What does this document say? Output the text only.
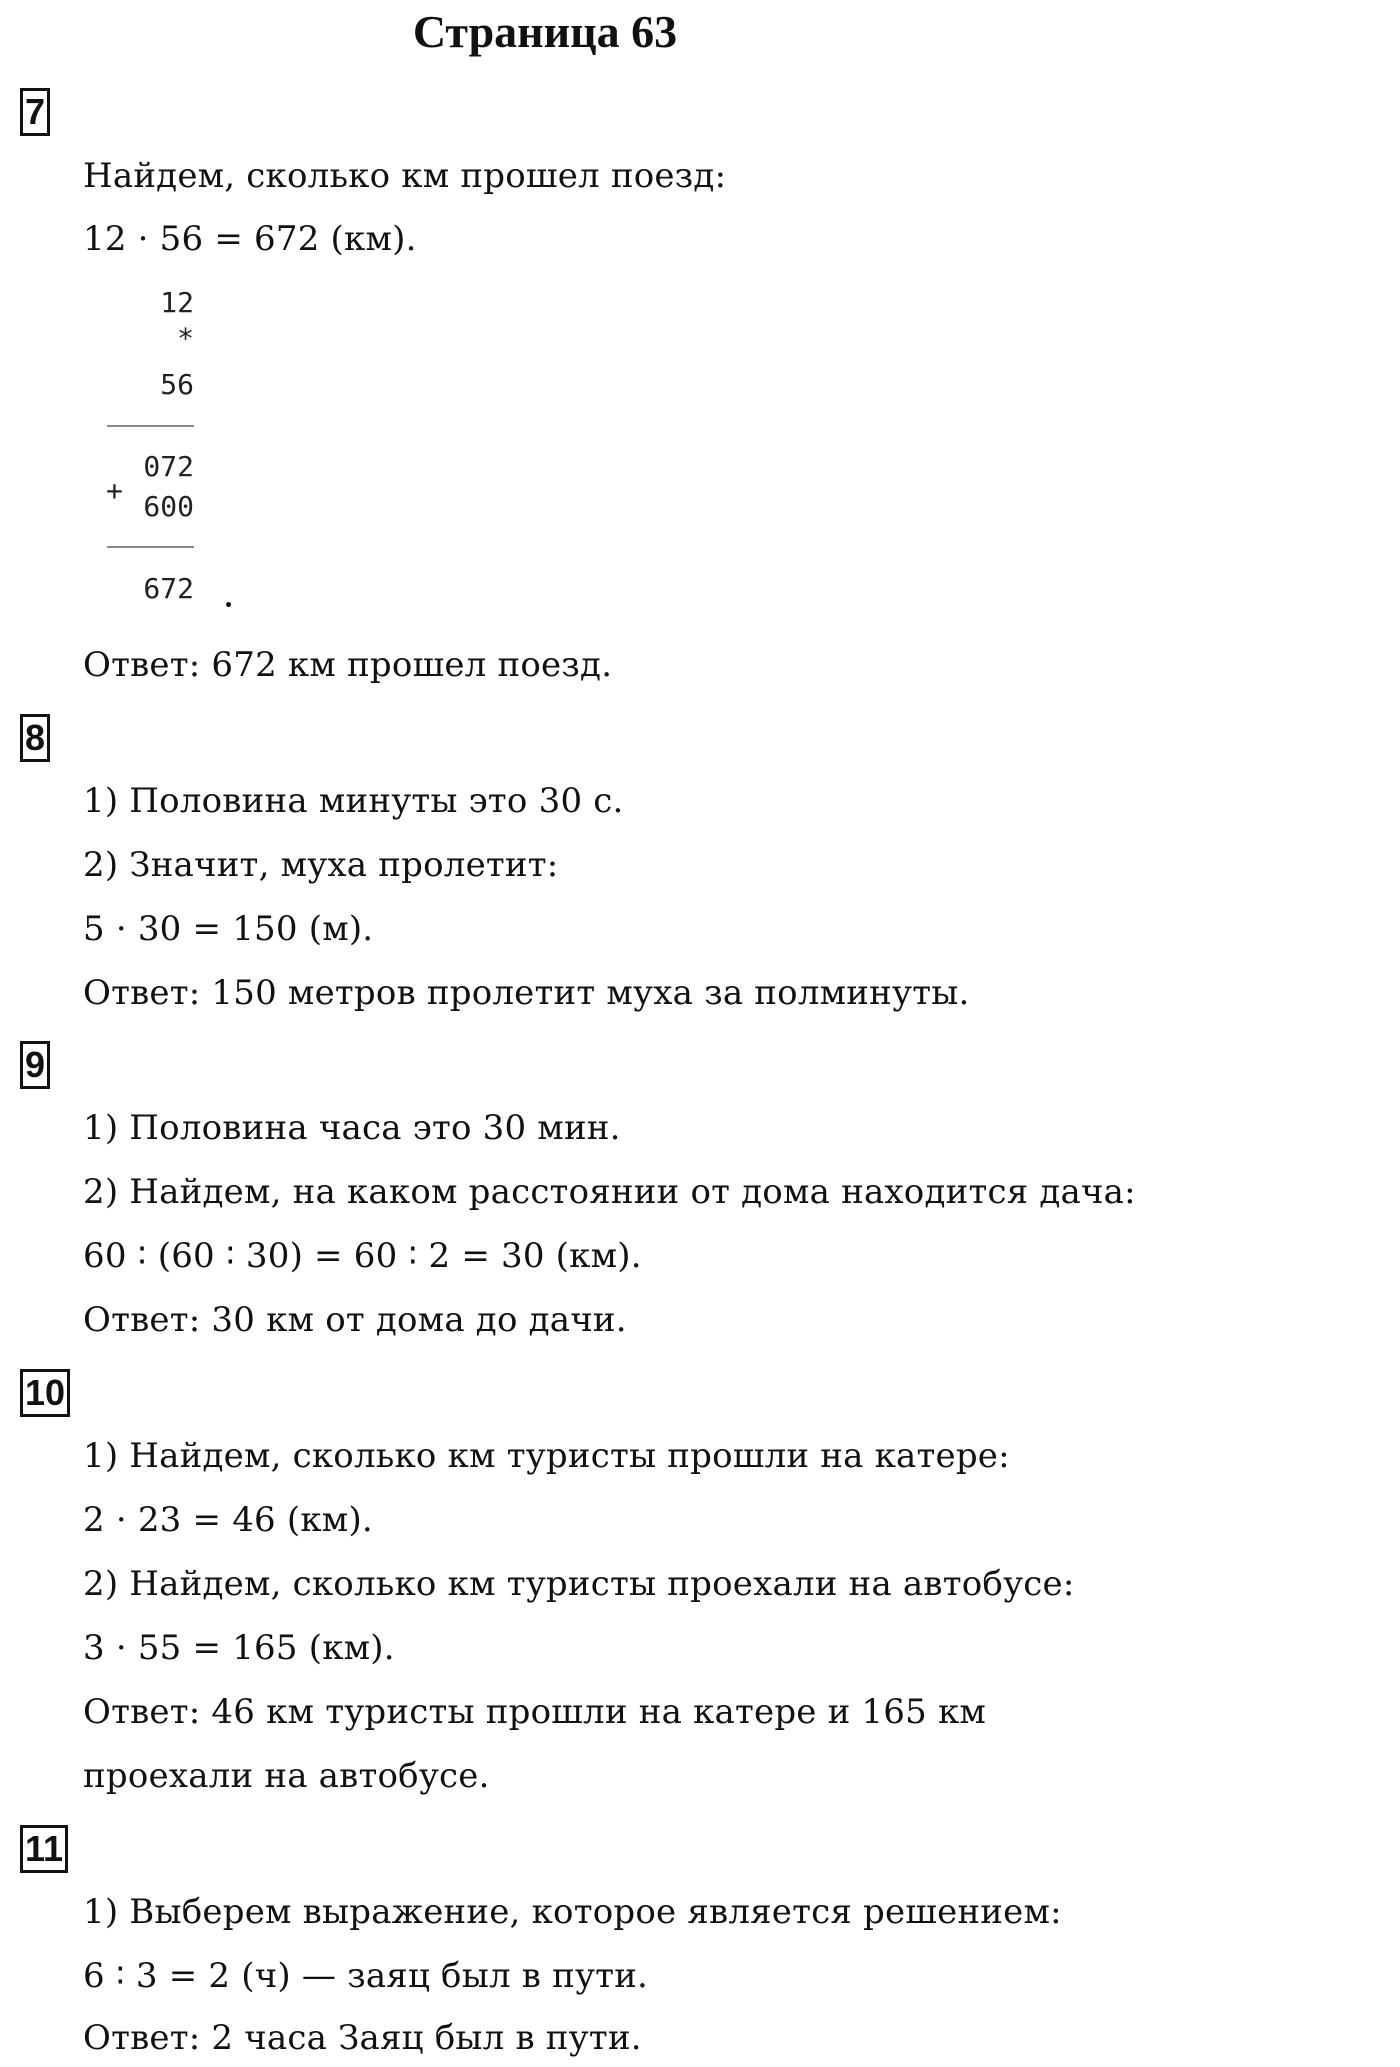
Страница 63
7
Найдем, сколько км прошел поезд:
12 · 56 = 672 (км).
12
*
56
072
+ 600
672
Ответ: 672 км прошел поезд.
8
1) Половина минуты это 30 с.
2) Значит, муха пролетит:
5 · 30 = 150 (м).
Ответ: 150 метров пролетит муха за полминуты.
9
1) Половина часа это 30 мин.
2) Найдем, на каком расстоянии от дома находится дача:
60 ∶ (60 ∶ 30) = 60 ∶ 2 = 30 (км).
Ответ: 30 км от дома до дачи.
10
1) Найдем, сколько км туристы прошли на катере:
2 · 23 = 46 (км).
2) Найдем, сколько км туристы проехали на автобусе:
3 · 55 = 165 (км).
Ответ: 46 км туристы прошли на катере и 165 км
проехали на автобусе.
11
1) Выберем выражение, которое является решением:
6 ∶ 3 = 2 (ч) — заяц был в пути.
Ответ: 2 часа Заяц был в пути.
